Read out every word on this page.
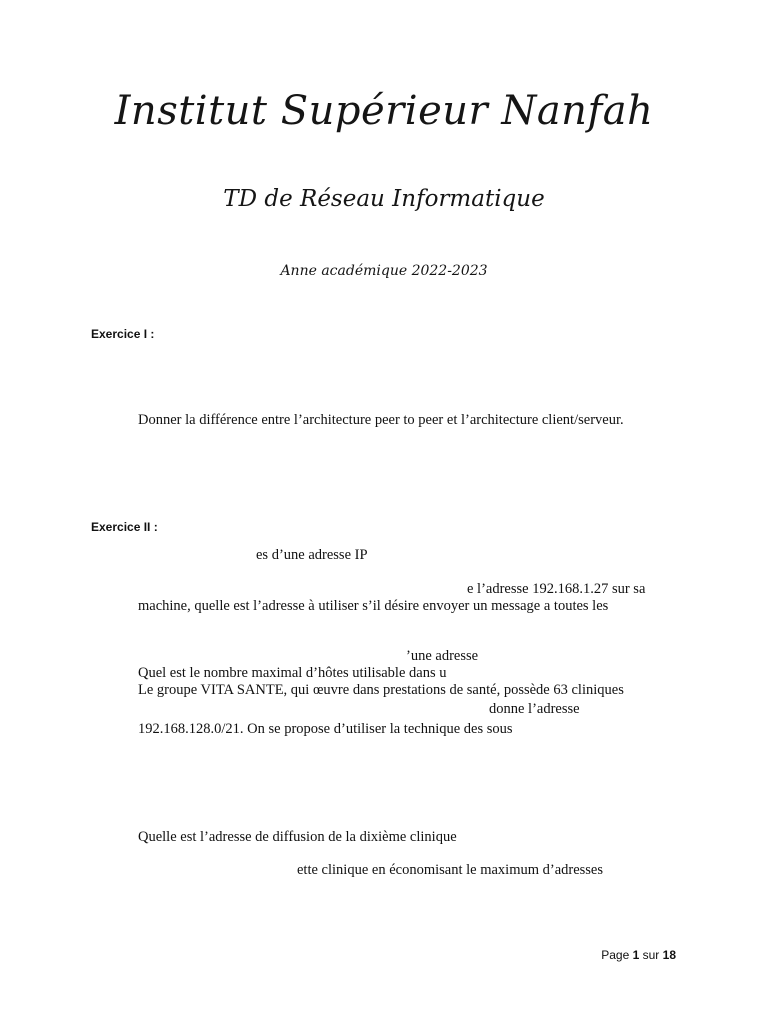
Institut Supérieur Nanfah
TD de Réseau Informatique
Anne académique 2022-2023
Exercice I :
Donner la différence entre l’architecture peer to peer et l’architecture client/serveur.
Exercice II :
es d’une adresse IP
e l’adresse 192.168.1.27 sur sa
machine, quelle est l’adresse à utiliser s’il désire envoyer un message a toutes les
’une adresse
Quel est le nombre maximal d’hôtes utilisable dans u
Le groupe VITA SANTE, qui œuvre dans prestations de santé, possède 63 cliniques
donne l’adresse
192.168.128.0/21. On se propose d’utiliser la technique des sous
Quelle est l’adresse de diffusion de la dixième clinique
ette clinique en économisant le maximum d’adresses
Page 1 sur 18
